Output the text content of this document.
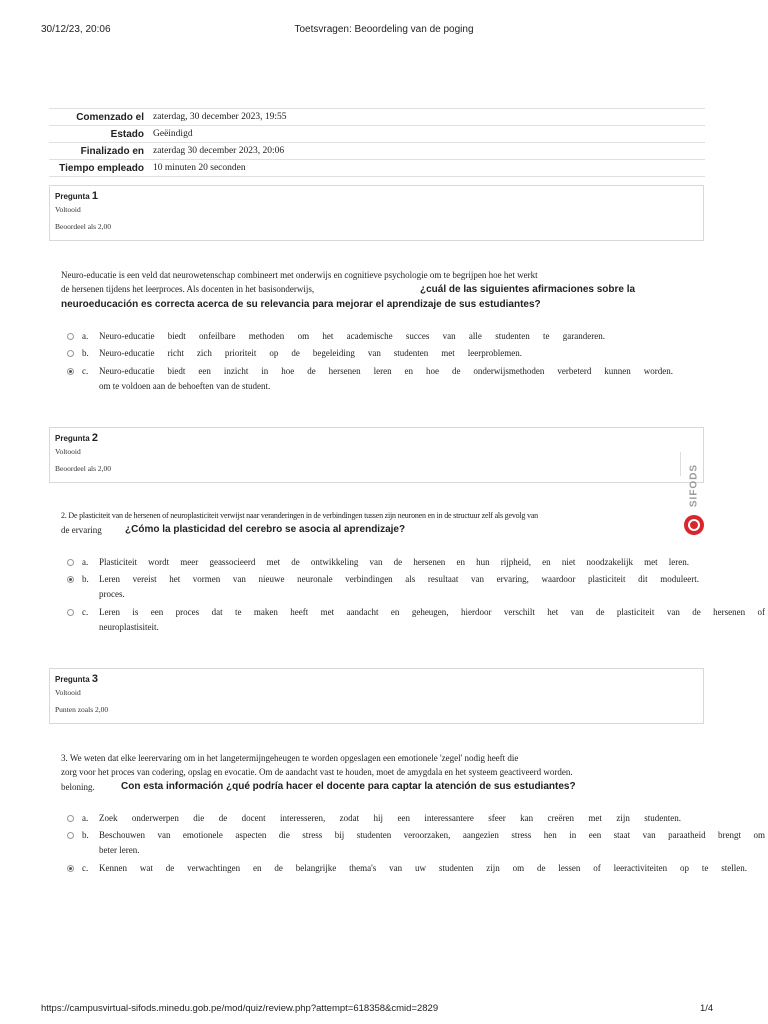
30/12/23, 20:06	Toetsvragen: Beoordeling van de poging
Comenzado el	zaterdag, 30 december 2023, 19:55
Estado	Geëindigd
Finalizado en	zaterdag 30 december 2023, 20:06
Tiempo empleado	10 minuten 20 seconden
Pregunta 1
Voltooid
Beoordeel als 2,00
Neuro-educatie is een veld dat neurowetenschap combineert met onderwijs en cognitieve psychologie om te begrijpen hoe het werkt
de hersenen tijdens het leerproces. Als docenten in het basisonderwijs,	¿cuál de las siguientes afirmaciones sobre la
neuroeducación es correcta acerca de su relevancia para mejorar el aprendizaje de sus estudiantes?
a. Neuro-educatie biedt onfeilbare methoden om het academische succes van alle studenten te garanderen.
b. Neuro-educatie richt zich prioriteit op de begeleiding van studenten met leerproblemen.
c. Neuro-educatie biedt een inzicht in hoe de hersenen leren en hoe de onderwijsmethoden verbeterd kunnen worden.
om te voldoen aan de behoeften van de student.
Pregunta 2
Voltooid
Beoordeel als 2,00	SIFODS
2. De plasticiteit van de hersenen of neuroplasticiteit verwijst naar veranderingen in de verbindingen tussen zijn neuronen en in de structuur zelf als gevolg van
de ervaring ¿Cómo la plasticidad del cerebro se asocia al aprendizaje?
a. Plasticiteit wordt meer geassocieerd met de ontwikkeling van de hersenen en hun rijpheid, en niet noodzakelijk met leren.
b. Leren vereist het vormen van nieuwe neuronale verbindingen als resultaat van ervaring, waardoor plasticiteit dit moduleert.
proces.
c. Leren is een proces dat te maken heeft met aandacht en geheugen, hierdoor verschilt het van de plasticiteit van de hersenen of
neuroplastisiteit.
Pregunta 3
Voltooid
Punten zoals 2,00
3. We weten dat elke leerervaring om in het langetermijngeheugen te worden opgeslagen een emotionele 'zegel' nodig heeft die
zorg voor het proces van codering, opslag en evocatie. Om de aandacht vast te houden, moet de amygdala en het systeem geactiveerd worden.
beloning.	Con esta información ¿qué podría hacer el docente para captar la atención de sus estudiantes?
a. Zoek onderwerpen die de docent interesseren, zodat hij een interessantere sfeer kan creëren met zijn studenten.
b. Beschouwen van emotionele aspecten die stress bij studenten veroorzaken, aangezien stress hen in een staat van paraatheid brengt om
beter leren.
c. Kennen wat de verwachtingen en de belangrijke thema's van uw studenten zijn om de lessen of leeractiviteiten op te stellen.
https://campusvirtual-sifods.minedu.gob.pe/mod/quiz/review.php?attempt=618358&cmid=2829	1/4
